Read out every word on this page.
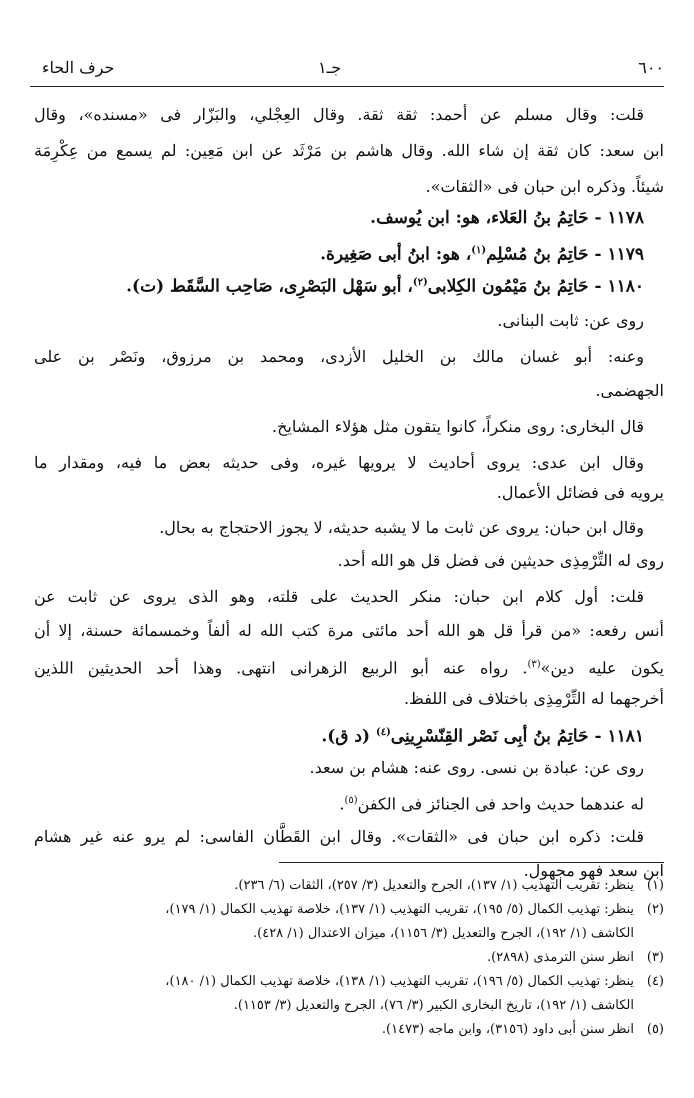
٦٠٠
جـ١
حرف الحاء
قلت: وقال مسلم عن أحمد: ثقة ثقة. وقال العِجْلي، والبَزّار فى «مسنده»، وقال
ابن سعد: كان ثقة إن شاء الله. وقال هاشم بن مَرْثَد عن ابن مَعِين: لم يسمع من عِكْرِمَة
شيئاً. وذكره ابن حبان فى «الثقات».
١١٧٨ - حَاتِمُ بنُ العَلاء، هو: ابن يُوسف.
١١٧٩ - حَاتِمُ بنُ مُسْلِم$^{(١)}$، هو: ابنُ أبى صَغِيرة.
١١٨٠ - حَاتِمُ بنُ مَيْمُون الكِلابى$^{(٢)}$، أبو سَهْل البَصْرِى، صَاحِب السَّقَط (ت).
روى عن: ثابت البنانى.
وعنه: أبو غسان مالك بن الخليل الأزدى، ومحمد بن مرزوق، ونَصْر بن على
الجهضمى.
قال البخارى: روى منكراً، كانوا يتقون مثل هؤلاء المشايخ.
وقال ابن عدى: يروى أحاديث لا يرويها غيره، وفى حديثه بعض ما فيه، ومقدار ما
يرويه فى فضائل الأعمال.
وقال ابن حبان: يروى عن ثابت ما لا يشبه حديثه، لا يجوز الاحتجاج به بحال.
روى له التِّرْمِذِى حديثين فى فضل قل هو الله أحد.
قلت: أول كلام ابن حبان: منكر الحديث على قلته، وهو الذى يروى عن ثابت عن
أنس رفعه: «من قرأ قل هو الله أحد مائتى مرة كتب الله له ألفاً وخمسمائة حسنة، إلا أن
يكون عليه دين»$^{(٣)}$. رواه عنه أبو الربيع الزهرانى انتهى. وهذا أحد الحديثين اللذين
أخرجهما له التِّرْمِذِى باختلاف فى اللفظ.
١١٨١ - حَاتِمُ بنُ أبِى نَصْر القِنّسْرِينِى$^{(٤)}$ (د ق).
روى عن: عبادة بن نسى. روى عنه: هشام بن سعد.
له عندهما حديث واحد فى الجنائز فى الكفن$^{(٥)}$.
قلت: ذكره ابن حبان فى «الثقات». وقال ابن القَطَّان الفاسى: لم يرو عنه غير هشام
ابن سعد فهو مجهول.
(١)ينظر: تقريب التهذيب (١/ ١٣٧)، الجرح والتعديل (٣/ ٢٥٧)، الثقات (٦/ ٢٣٦).
(٢)ينظر: تهذيب الكمال (٥/ ١٩٥)، تقريب التهذيب (١/ ١٣٧)، خلاصة تهذيب الكمال (١/ ١٧٩)،
الكاشف (١/ ١٩٢)، الجرح والتعديل (٣/ ١١٥٦)، ميزان الاعتدال (١/ ٤٢٨).
(٣)انظر سنن الترمذى (٢٨٩٨).
(٤)ينظر: تهذيب الكمال (٥/ ١٩٦)، تقريب التهذيب (١/ ١٣٨)، خلاصة تهذيب الكمال (١/ ١٨٠)،
الكاشف (١/ ١٩٢)، تاريخ البخارى الكبير (٣/ ٧٦)، الجرح والتعديل (٣/ ١١٥٣).
(٥)انظر سنن أبى داود (٣١٥٦)، وابن ماجه (١٤٧٣).
